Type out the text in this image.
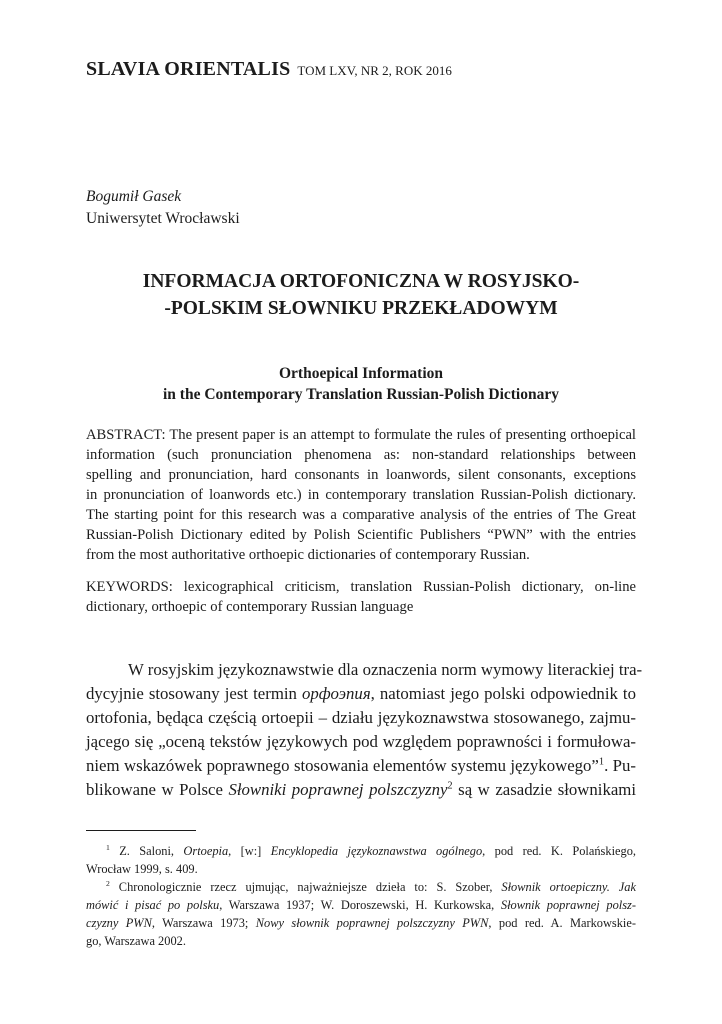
SLAVIA ORIENTALIS TOM LXV, NR 2, ROK 2016
Bogumił Gasek
Uniwersytet Wrocławski
INFORMACJA ORTOFONICZNA W ROSYJSKO-
-POLSKIM SŁOWNIKU PRZEKŁADOWYM
Orthoepical Information
in the Contemporary Translation Russian-Polish Dictionary
ABSTRACT: The present paper is an attempt to formulate the rules of presenting orthoepical
information (such pronunciation phenomena as: non-standard relationships between
spelling and pronunciation, hard consonants in loanwords, silent consonants, exceptions
in pronunciation of loanwords etc.) in contemporary translation Russian-Polish dictionary.
The starting point for this research was a comparative analysis of the entries of The Great
Russian-Polish Dictionary edited by Polish Scientific Publishers “PWN” with the entries
from the most authoritative orthoepic dictionaries of contemporary Russian.
KEYWORDS: lexicographical criticism, translation Russian-Polish dictionary, on-line
dictionary, orthoepic of contemporary Russian language
W rosyjskim językoznawstwie dla oznaczenia norm wymowy literackiej tra-
dycyjnie stosowany jest termin орфоэпия, natomiast jego polski odpowiednik to
ortofonia, będąca częścią ortoepii – działu językoznawstwa stosowanego, zajmu-
jącego się „oceną tekstów językowych pod względem poprawności i formułowa-
niem wskazówek poprawnego stosowania elementów systemu językowego”$^1$. Pu-
blikowane w Polsce Słowniki poprawnej polszczyzny$^2$ są w zasadzie słownikami
$^1$ Z. Saloni, Ortoepia, [w:] Encyklopedia językoznawstwa ogólnego, pod red. K. Polańskiego,
Wrocław 1999, s. 409.
$^2$ Chronologicznie rzecz ujmując, najważniejsze dzieła to: S. Szober, Słownik ortoepiczny. Jak
mówić i pisać po polsku, Warszawa 1937; W. Doroszewski, H. Kurkowska, Słownik poprawnej polsz-
czyzny PWN, Warszawa 1973; Nowy słownik poprawnej polszczyzny PWN, pod red. A. Markowskie-
go, Warszawa 2002.
